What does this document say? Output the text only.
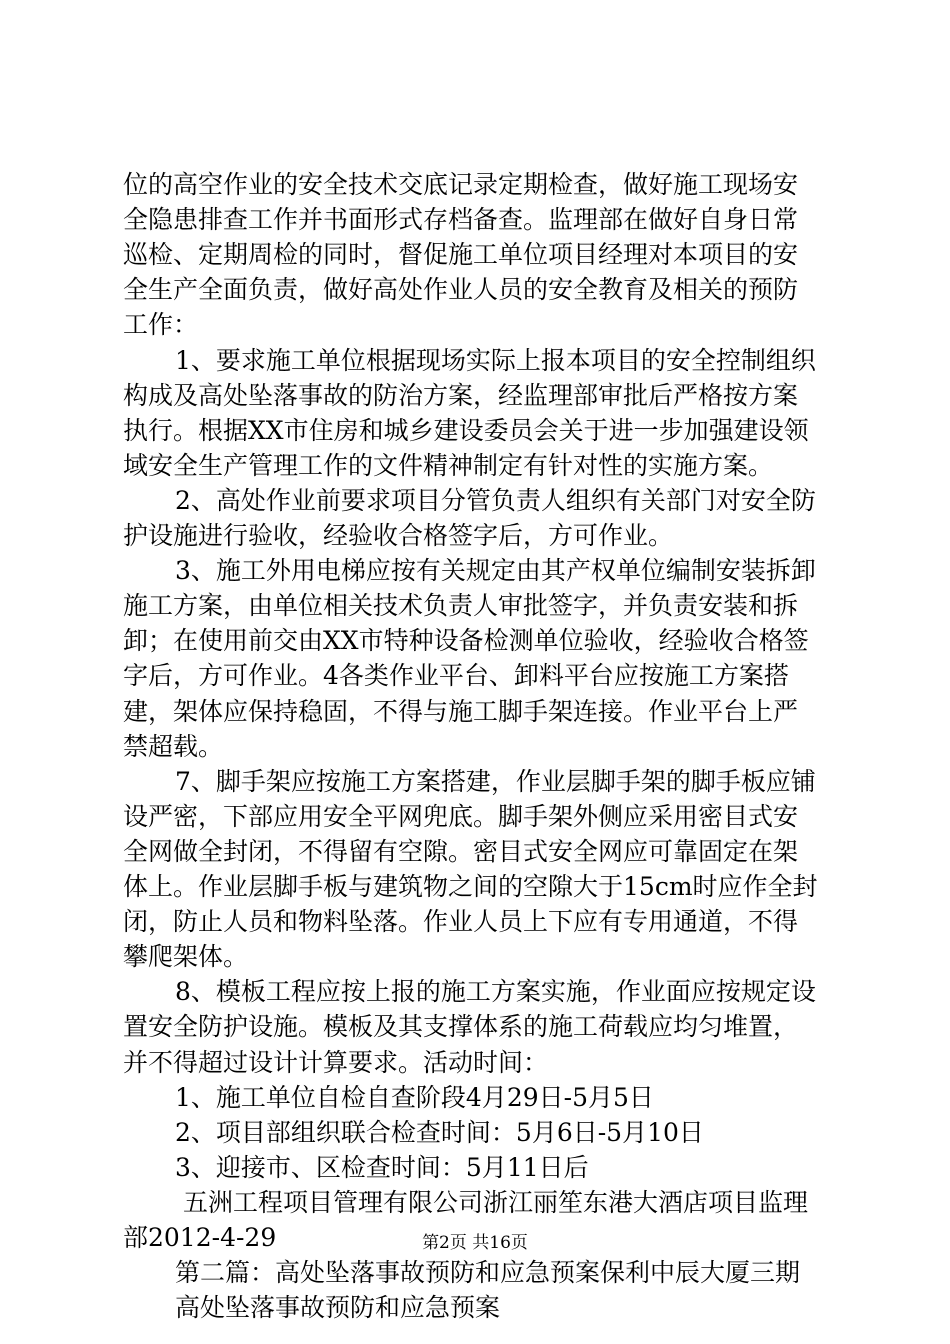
位的高空作业的安全技术交底记录定期检查，做好施工现场安
全隐患排查工作并书面形式存档备查。监理部在做好自身日常
巡检、定期周检的同时，督促施工单位项目经理对本项目的安
全生产全面负责，做好高处作业人员的安全教育及相关的预防
工作：
1、要求施工单位根据现场实际上报本项目的安全控制组织
构成及高处坠落事故的防治方案，经监理部审批后严格按方案
执行。根据XX市住房和城乡建设委员会关于进一步加强建设领
域安全生产管理工作的文件精神制定有针对性的实施方案。
2、高处作业前要求项目分管负责人组织有关部门对安全防
护设施进行验收，经验收合格签字后，方可作业。
3、施工外用电梯应按有关规定由其产权单位编制安装拆卸
施工方案，由单位相关技术负责人审批签字，并负责安装和拆
卸；在使用前交由XX市特种设备检测单位验收，经验收合格签
字后，方可作业。4各类作业平台、卸料平台应按施工方案搭
建，架体应保持稳固，不得与施工脚手架连接。作业平台上严
禁超载。
7、脚手架应按施工方案搭建，作业层脚手架的脚手板应铺
设严密，下部应用安全平网兜底。脚手架外侧应采用密目式安
全网做全封闭，不得留有空隙。密目式安全网应可靠固定在架
体上。作业层脚手板与建筑物之间的空隙大于15cm时应作全封
闭，防止人员和物料坠落。作业人员上下应有专用通道，不得
攀爬架体。
8、模板工程应按上报的施工方案实施，作业面应按规定设
置安全防护设施。模板及其支撑体系的施工荷载应均匀堆置，
并不得超过设计计算要求。活动时间：
1、施工单位自检自查阶段4月29日-5月5日
2、项目部组织联合检查时间：5月6日-5月10日
3、迎接市、区检查时间：5月11日后
五洲工程项目管理有限公司浙江丽笙东港大酒店项目监理
部2012-4-29
第二篇：高处坠落事故预防和应急预案保利中辰大厦三期
高处坠落事故预防和应急预案
第2页 共16页
